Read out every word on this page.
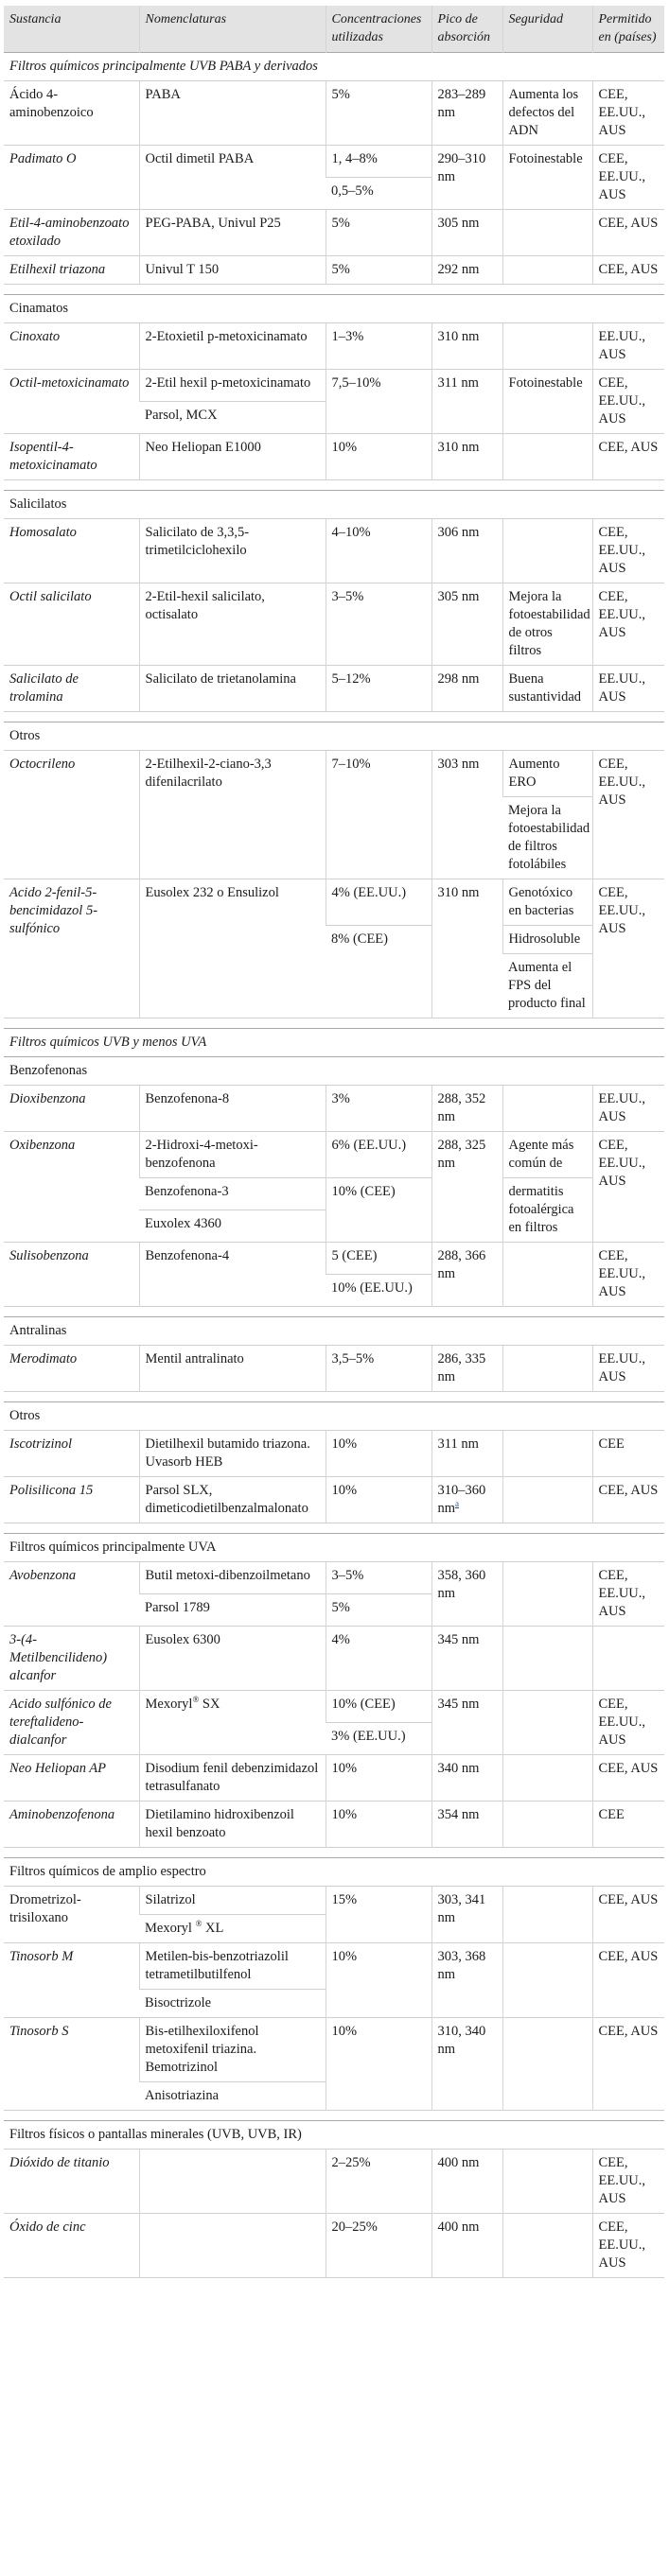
Sustancia	Nomenclaturas	Concentraciones utilizadas	Pico de absorción	Seguridad	Permitido en (países)
Filtros químicos principalmente UVB PABA y derivados					
Ácido 4-aminobenzoico	PABA	5%	283–289 nm	Aumenta los defectos del ADN	CEE, EE.UU., AUS
Padimato O	Octil dimetil PABA	1, 4–8%	290–310 nm	Fotoinestable	CEE, EE.UU., AUS
		0,5–5%			
Etil-4-aminobenzoato etoxilado	PEG-PABA, Univul P25	5%	305 nm		CEE, AUS
Etilhexil triazona	Univul T 150	5%	292 nm		CEE, AUS

Cinamatos					
Cinoxato	2-Etoxietil p-metoxicinamato	1–3%	310 nm		EE.UU., AUS
Octil-metoxicinamato	2-Etil hexil p-metoxicinamato	7,5–10%	311 nm	Fotoinestable	CEE, EE.UU., AUS
	Parsol, MCX				
Isopentil-4-metoxicinamato	Neo Heliopan E1000	10%	310 nm		CEE, AUS

Salicilatos					
Homosalato	Salicilato de 3,3,5-trimetilciclohexilo	4–10%	306 nm		CEE, EE.UU., AUS
Octil salicilato	2-Etil-hexil salicilato, octisalato	3–5%	305 nm	Mejora la fotoestabilidad de otros filtros	CEE, EE.UU., AUS
Salicilato de trolamina	Salicilato de trietanolamina	5–12%	298 nm	Buena sustantividad	EE.UU., AUS

Otros					
Octocrileno	2-Etilhexil-2-ciano-3,3 difenilacrilato	7–10%	303 nm	Aumento ERO	CEE, EE.UU., AUS
				Mejora la fotoestabilidad de filtros fotolábiles	
Acido 2-fenil-5-bencimidazol 5-sulfónico	Eusolex 232 o Ensulizol	4% (EE.UU.)	310 nm	Genotóxico en bacterias	CEE, EE.UU., AUS
		8% (CEE)		Hidrosoluble	
				Aumenta el FPS del producto final	

Filtros químicos UVB y menos UVA					
Benzofenonas					
Dioxibenzona	Benzofenona-8	3%	288, 352 nm		EE.UU., AUS
Oxibenzona	2-Hidroxi-4-metoxi-benzofenona	6% (EE.UU.)	288, 325 nm	Agente más común de	CEE, EE.UU., AUS
	Benzofenona-3	10% (CEE)		dermatitis fotoalérgica en filtros	
	Euxolex 4360				
Sulisobenzona	Benzofenona-4	5 (CEE)	288, 366 nm		CEE, EE.UU., AUS
		10% (EE.UU.)			

Antralinas					
Merodimato	Mentil antralinato	3,5–5%	286, 335 nm		EE.UU., AUS

Otros					
Iscotrizinol	Dietilhexil butamido triazona. Uvasorb HEB	10%	311 nm		CEE
Polisilicona 15	Parsol SLX, dimeticodietilbenzalmalonato	10%	310–360 $nm^a$		CEE, AUS

Filtros químicos principalmente UVA					
Avobenzona	Butil metoxi-dibenzoilmetano	3–5%	358, 360 nm		CEE, EE.UU., AUS
	Parsol 1789	5%			
3-(4-Metilbencilideno) alcanfor	Eusolex 6300	4%	345 nm		
Acido sulfónico de tereftalideno-dialcanfor	Mexoryl® SX	10% (CEE)	345 nm		CEE, EE.UU., AUS
		3% (EE.UU.)			
Neo Heliopan AP	Disodium fenil debenzimidazol tetrasulfanato	10%	340 nm		CEE, AUS
Aminobenzofenona	Dietilamino hidroxibenzoil hexil benzoato	10%	354 nm		CEE

Filtros químicos de amplio espectro					
Drometrizol-trisiloxano	Silatrizol	15%	303, 341 nm		CEE, AUS
	Mexoryl ® XL				
Tinosorb M	Metilen-bis-benzotriazolil tetrametilbutilfenol	10%	303, 368 nm		CEE, AUS
	Bisoctrizole				
Tinosorb S	Bis-etilhexiloxifenol metoxifenil triazina. Bemotrizinol	10%	310, 340 nm		CEE, AUS
	Anisotriazina				

Filtros físicos o pantallas minerales (UVB, UVB, IR)					
Dióxido de titanio		2–25%	400 nm		CEE, EE.UU., AUS
Óxido de cinc		20–25%	400 nm		CEE, EE.UU., AUS
